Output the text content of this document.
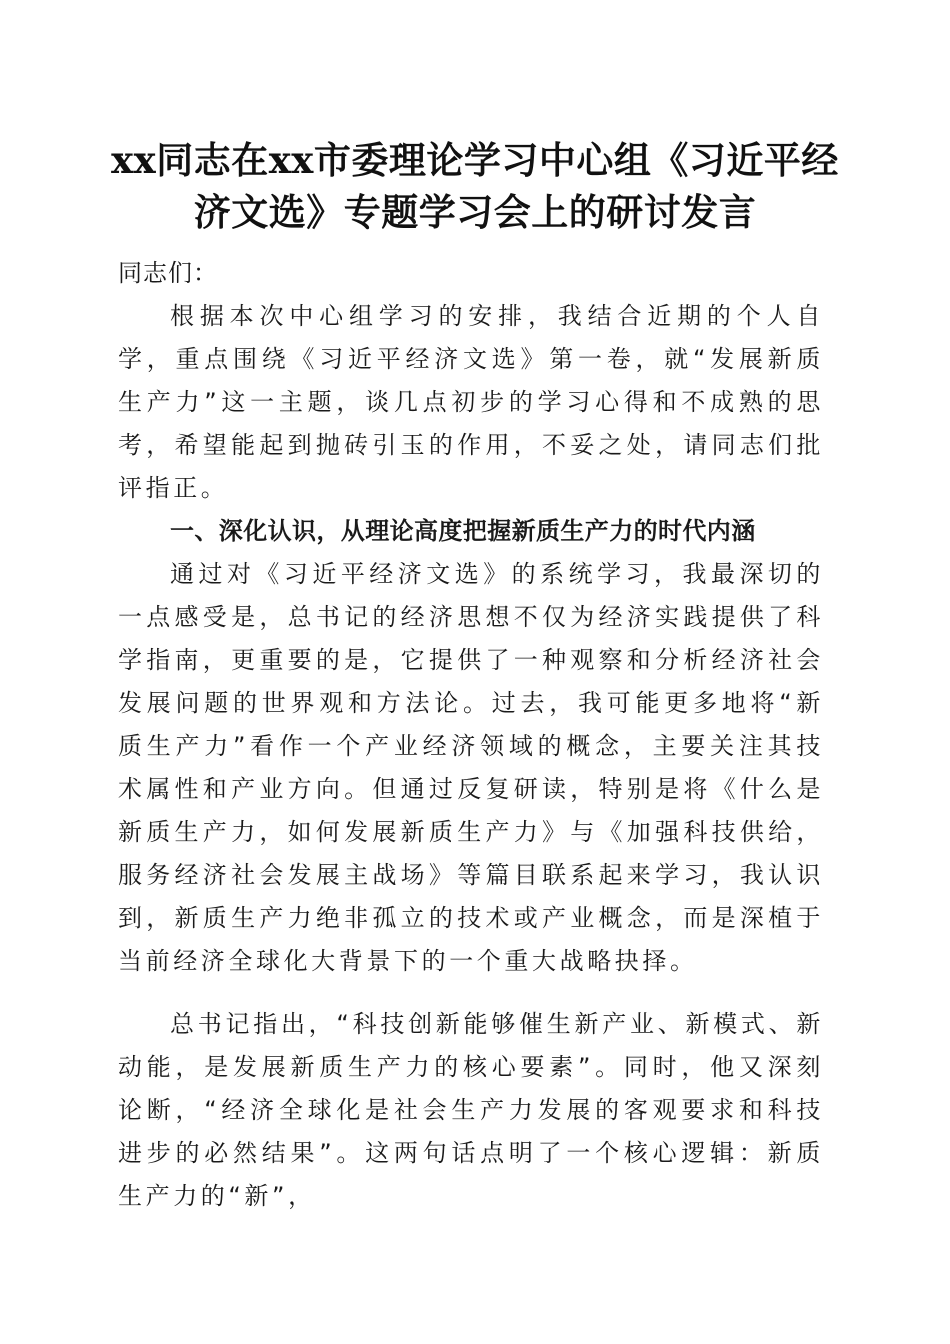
xx同志在xx市委理论学习中心组《习近平经济文选》专题学习会上的研讨发言

同志们：

根据本次中心组学习的安排，我结合近期的个人自学，重点围绕《习近平经济文选》第一卷，就“发展新质生产力”这一主题，谈几点初步的学习心得和不成熟的思考，希望能起到抛砖引玉的作用，不妥之处，请同志们批评指正。

一、深化认识，从理论高度把握新质生产力的时代内涵

通过对《习近平经济文选》的系统学习，我最深切的一点感受是，总书记的经济思想不仅为经济实践提供了科学指南，更重要的是，它提供了一种观察和分析经济社会发展问题的世界观和方法论。过去，我可能更多地将“新质生产力”看作一个产业经济领域的概念，主要关注其技术属性和产业方向。但通过反复研读，特别是将《什么是新质生产力，如何发展新质生产力》与《加强科技供给，服务经济社会发展主战场》等篇目联系起来学习，我认识到，新质生产力绝非孤立的技术或产业概念，而是深植于当前经济全球化大背景下的一个重大战略抉择。

总书记指出，“科技创新能够催生新产业、新模式、新动能，是发展新质生产力的核心要素”。同时，他又深刻论断，“经济全球化是社会生产力发展的客观要求和科技进步的必然结果”。这两句话点明了一个核心逻辑：新质生产力的“新”，
